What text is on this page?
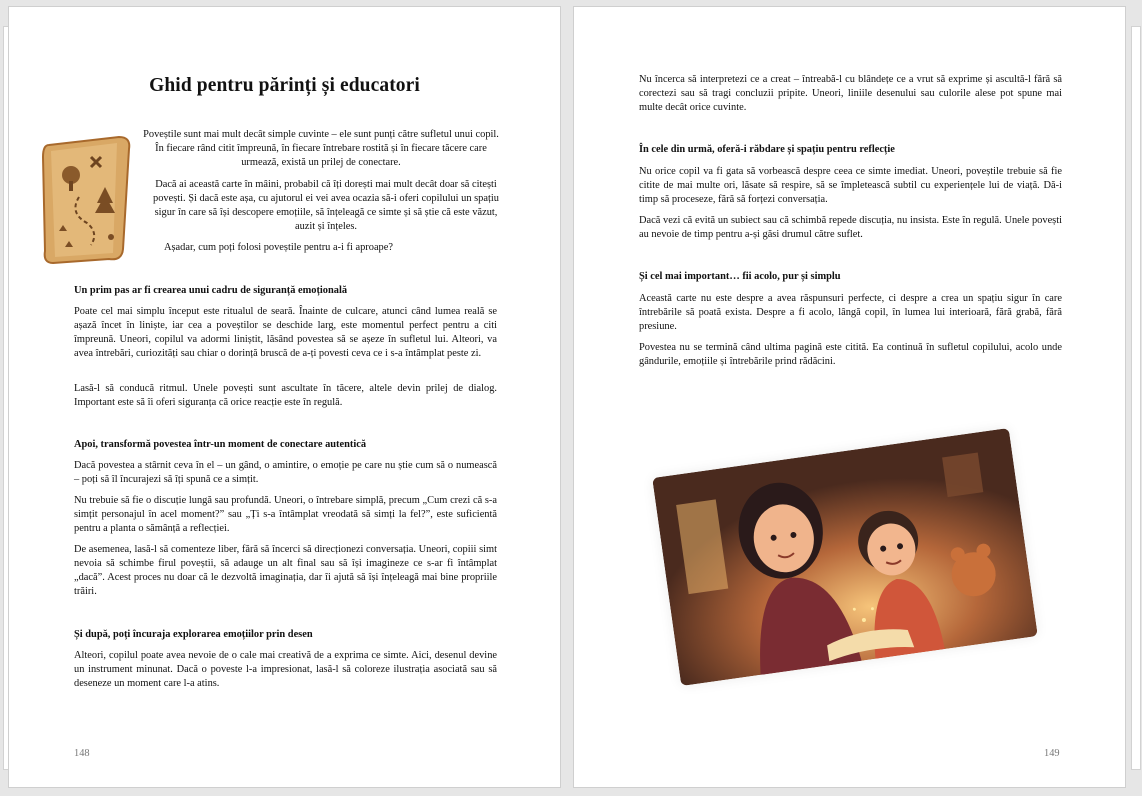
Ghid pentru părinți și educatori

Poveștile sunt mai mult decât simple cuvinte – ele sunt punți către sufletul unui copil. În fiecare rând citit împreună, în fiecare întrebare rostită și în fiecare tăcere care urmează, există un prilej de conectare.

Dacă ai această carte în mâini, probabil că îți dorești mai mult decât doar să citești povești. Și dacă este așa, cu ajutorul ei vei avea ocazia să-i oferi copilului un spațiu sigur în care să își descopere emoțiile, să înțeleagă ce simte și să știe că este văzut, auzit și înțeles.

Așadar, cum poți folosi poveștile pentru a-i fi aproape?

Un prim pas ar fi crearea unui cadru de siguranță emoțională

Poate cel mai simplu început este ritualul de seară. Înainte de culcare, atunci când lumea reală se așază încet în liniște, iar cea a poveștilor se deschide larg, este momentul perfect pentru a citi împreună. Uneori, copilul va adormi liniștit, lăsând povestea să se așeze în sufletul lui. Alteori, va avea întrebări, curiozități sau chiar o dorință bruscă de a-ți povesti ceva ce i s-a întâmplat peste zi.

Lasă-l să conducă ritmul. Unele povești sunt ascultate în tăcere, altele devin prilej de dialog. Important este să îi oferi siguranța că orice reacție este în regulă.

Apoi, transformă povestea într-un moment de conectare autentică

Dacă povestea a stârnit ceva în el – un gând, o amintire, o emoție pe care nu știe cum să o numească – poți să îl încurajezi să îți spună ce a simțit.

Nu trebuie să fie o discuție lungă sau profundă. Uneori, o întrebare simplă, precum „Cum crezi că s-a simțit personajul în acel moment?” sau „Ți s-a întâmplat vreodată să simți la fel?”, este suficientă pentru a planta o sămânță a reflecției.

De asemenea, lasă-l să comenteze liber, fără să încerci să direcționezi conversația. Uneori, copiii simt nevoia să schimbe firul poveștii, să adauge un alt final sau să își imagineze ce s-ar fi întâmplat „dacă”. Acest proces nu doar că le dezvoltă imaginația, dar îi ajută să își înțeleagă mai bine propriile trăiri.

Și după, poți încuraja explorarea emoțiilor prin desen

Alteori, copilul poate avea nevoie de o cale mai creativă de a exprima ce simte. Aici, desenul devine un instrument minunat. Dacă o poveste l-a impresionat, lasă-l să coloreze ilustrația asociată sau să deseneze un moment care l-a atins.

148

Nu încerca să interpretezi ce a creat – întreabă-l cu blândețe ce a vrut să exprime și ascultă-l fără să corectezi sau să tragi concluzii pripite. Uneori, liniile desenului sau culorile alese pot spune mai multe decât orice cuvinte.

În cele din urmă, oferă-i răbdare și spațiu pentru reflecție

Nu orice copil va fi gata să vorbească despre ceea ce simte imediat. Uneori, poveștile trebuie să fie citite de mai multe ori, lăsate să respire, să se împletească subtil cu experiențele lui de viață. Dă-i timp să proceseze, fără să forțezi conversația.

Dacă vezi că evită un subiect sau că schimbă repede discuția, nu insista. Este în regulă. Unele povești au nevoie de timp pentru a-și găsi drumul către suflet.

Și cel mai important… fii acolo, pur și simplu

Această carte nu este despre a avea răspunsuri perfecte, ci despre a crea un spațiu sigur în care întrebările să poată exista. Despre a fi acolo, lângă copil, în lumea lui interioară, fără grabă, fără presiune.

Povestea nu se termină când ultima pagină este citită. Ea continuă în sufletul copilului, acolo unde gândurile, emoțiile și întrebările prind rădăcini.

149
